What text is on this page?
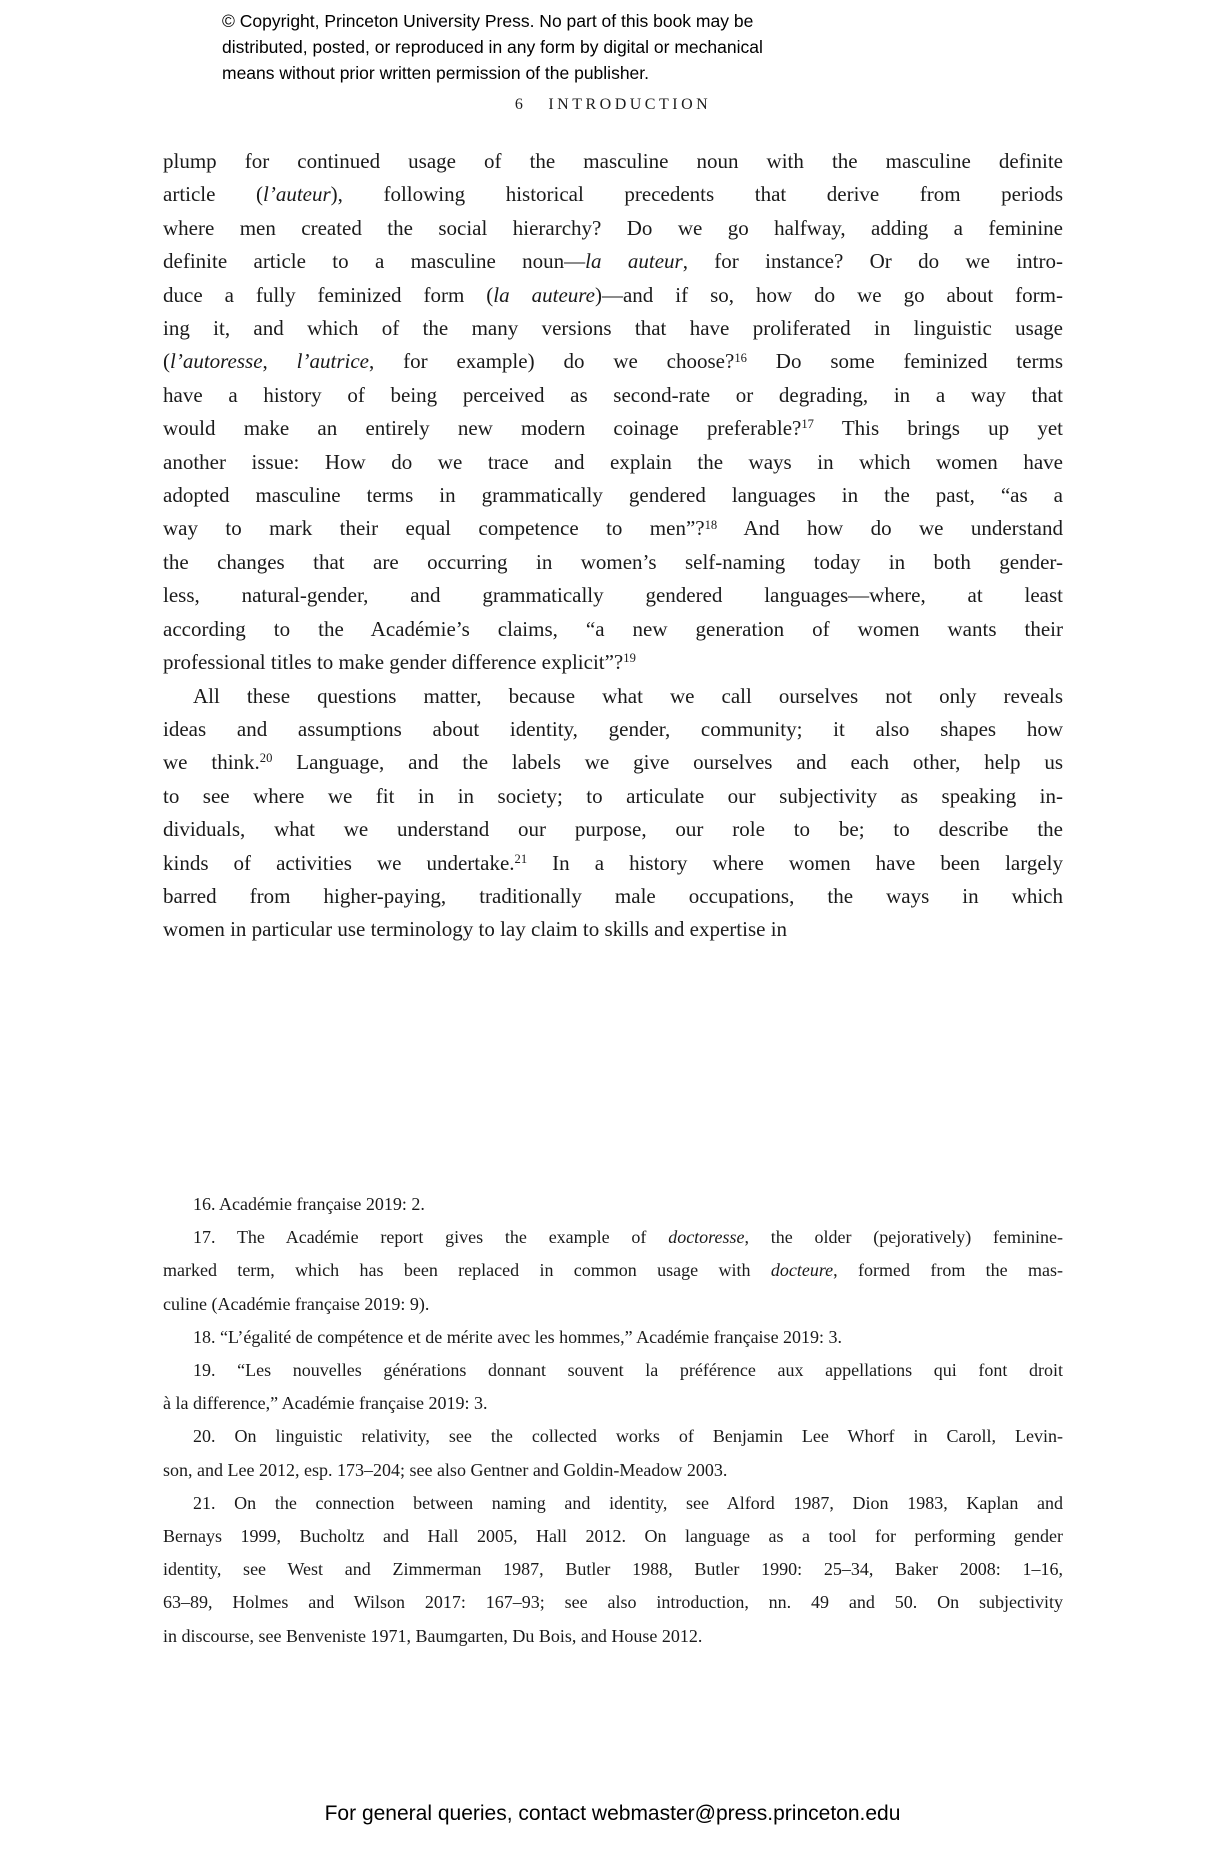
© Copyright, Princeton University Press. No part of this book may be
distributed, posted, or reproduced in any form by digital or mechanical
means without prior written permission of the publisher.
6 INTRODUCTION
plump for continued usage of the masculine noun with the masculine definite
article (l’auteur), following historical precedents that derive from periods
where men created the social hierarchy? Do we go halfway, adding a feminine
definite article to a masculine noun—la auteur, for instance? Or do we intro-
duce a fully feminized form (la auteure)—and if so, how do we go about form-
ing it, and which of the many versions that have proliferated in linguistic usage
(l’autoresse, l’autrice, for example) do we choose?$^{16}$ Do some feminized terms
have a history of being perceived as second-rate or degrading, in a way that
would make an entirely new modern coinage preferable?$^{17}$ This brings up yet
another issue: How do we trace and explain the ways in which women have
adopted masculine terms in grammatically gendered languages in the past, “as a
way to mark their equal competence to men”?$^{18}$ And how do we understand
the changes that are occurring in women’s self-naming today in both gender-
less, natural-gender, and grammatically gendered languages—where, at least
according to the Académie’s claims, “a new generation of women wants their
professional titles to make gender difference explicit”?$^{19}$
All these questions matter, because what we call ourselves not only reveals
ideas and assumptions about identity, gender, community; it also shapes how
we think.$^{20}$ Language, and the labels we give ourselves and each other, help us
to see where we fit in in society; to articulate our subjectivity as speaking in-
dividuals, what we understand our purpose, our role to be; to describe the
kinds of activities we undertake.$^{21}$ In a history where women have been largely
barred from higher-paying, traditionally male occupations, the ways in which
women in particular use terminology to lay claim to skills and expertise in
16. Académie française 2019: 2.
17. The Académie report gives the example of doctoresse, the older (pejoratively) feminine-
marked term, which has been replaced in common usage with docteure, formed from the mas-
culine (Académie française 2019: 9).
18. “L’égalité de compétence et de mérite avec les hommes,” Académie française 2019: 3.
19. “Les nouvelles générations donnant souvent la préférence aux appellations qui font droit
à la difference,” Académie française 2019: 3.
20. On linguistic relativity, see the collected works of Benjamin Lee Whorf in Caroll, Levin-
son, and Lee 2012, esp. 173–204; see also Gentner and Goldin-Meadow 2003.
21. On the connection between naming and identity, see Alford 1987, Dion 1983, Kaplan and
Bernays 1999, Bucholtz and Hall 2005, Hall 2012. On language as a tool for performing gender
identity, see West and Zimmerman 1987, Butler 1988, Butler 1990: 25–34, Baker 2008: 1–16,
63–89, Holmes and Wilson 2017: 167–93; see also introduction, nn. 49 and 50. On subjectivity
in discourse, see Benveniste 1971, Baumgarten, Du Bois, and House 2012.
For general queries, contact webmaster@press.princeton.edu
